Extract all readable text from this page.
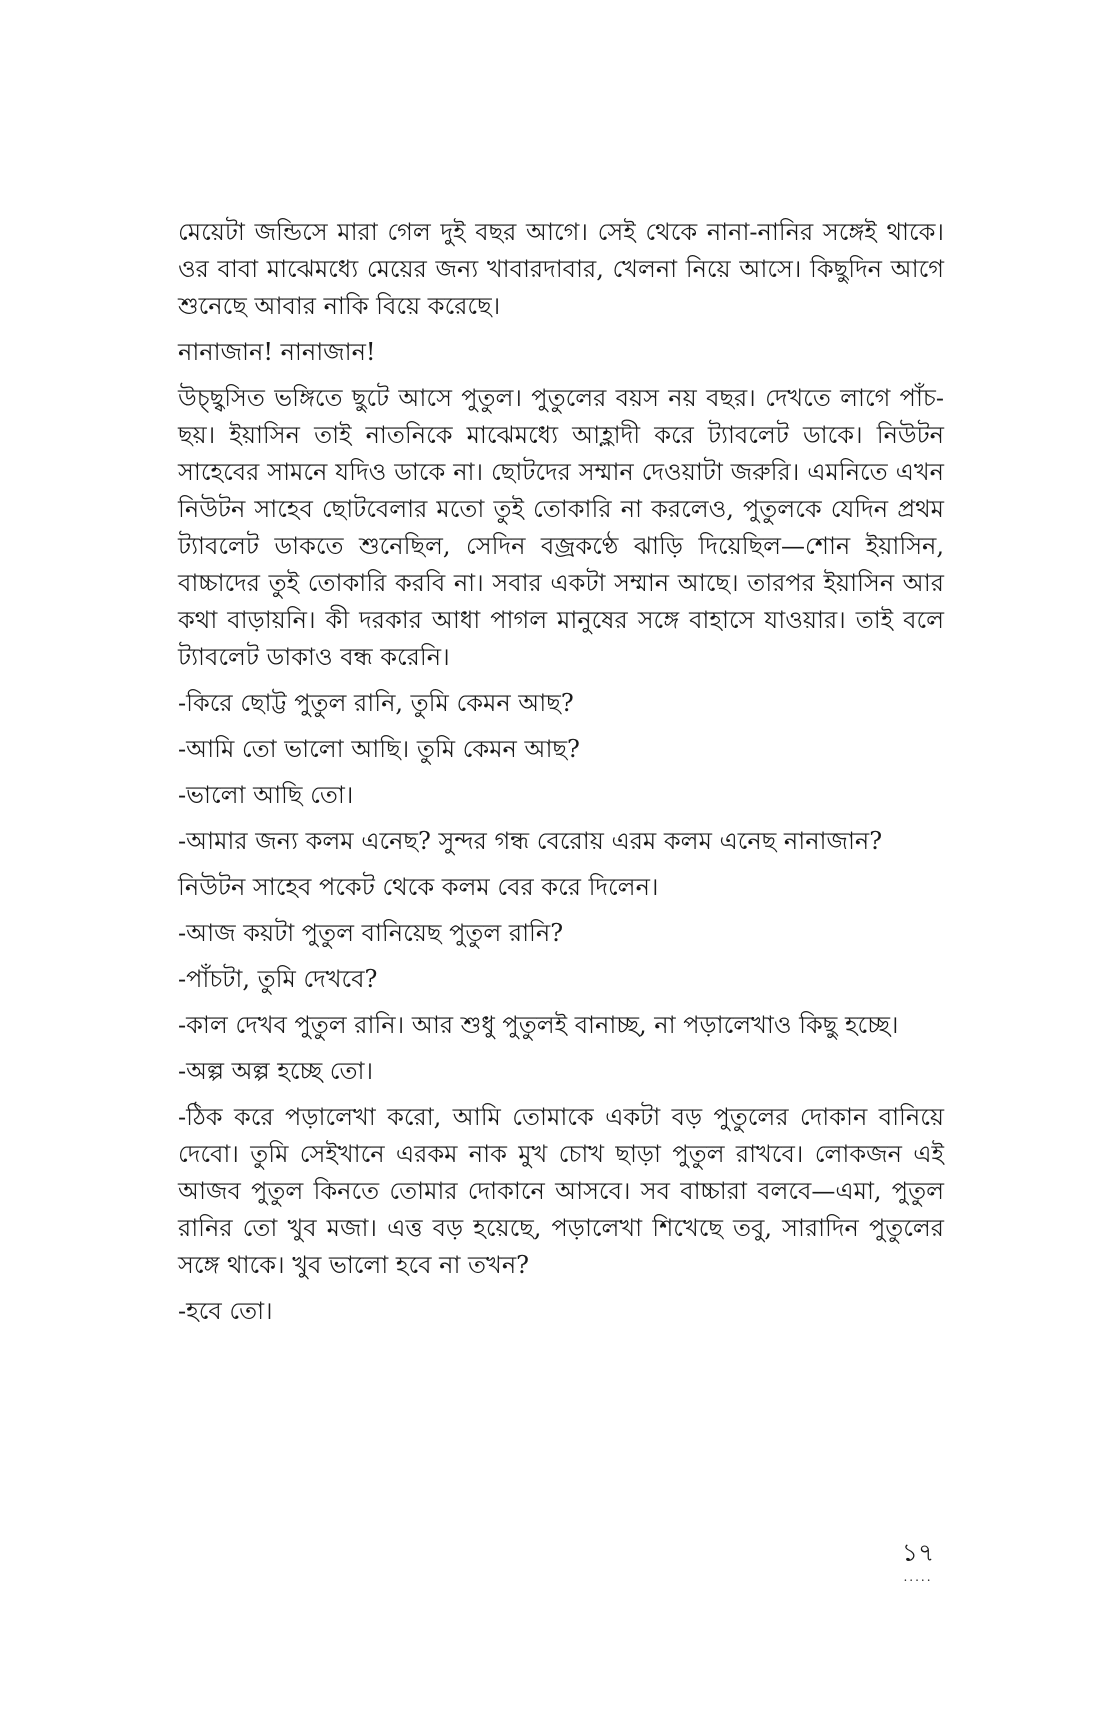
মেয়েটা জন্ডিসে মারা গেল দুই বছর আগে। সেই থেকে নানা-নানির সঙ্গেই থাকে। ওর বাবা মাঝেমধ্যে মেয়ের জন্য খাবারদাবার, খেলনা নিয়ে আসে। কিছুদিন আগে শুনেছে আবার নাকি বিয়ে করেছে।

নানাজান! নানাজান!

উচ্ছ্বসিত ভঙ্গিতে ছুটে আসে পুতুল। পুতুলের বয়স নয় বছর। দেখতে লাগে পাঁচ-ছয়। ইয়াসিন তাই নাতনিকে মাঝেমধ্যে আহ্লাদী করে ট্যাবলেট ডাকে। নিউটন সাহেবের সামনে যদিও ডাকে না। ছোটদের সম্মান দেওয়াটা জরুরি। এমনিতে এখন নিউটন সাহেব ছোটবেলার মতো তুই তোকারি না করলেও, পুতুলকে যেদিন প্রথম ট্যাবলেট ডাকতে শুনেছিল, সেদিন বজ্রকণ্ঠে ঝাড়ি দিয়েছিল—শোন ইয়াসিন, বাচ্চাদের তুই তোকারি করবি না। সবার একটা সম্মান আছে। তারপর ইয়াসিন আর কথা বাড়ায়নি। কী দরকার আধা পাগল মানুষের সঙ্গে বাহাসে যাওয়ার। তাই বলে ট্যাবলেট ডাকাও বন্ধ করেনি।

-কিরে ছোট্ট পুতুল রানি, তুমি কেমন আছ?

-আমি তো ভালো আছি। তুমি কেমন আছ?

-ভালো আছি তো।

-আমার জন্য কলম এনেছ? সুন্দর গন্ধ বেরোয় এরম কলম এনেছ নানাজান?

নিউটন সাহেব পকেট থেকে কলম বের করে দিলেন।

-আজ কয়টা পুতুল বানিয়েছ পুতুল রানি?

-পাঁচটা, তুমি দেখবে?

-কাল দেখব পুতুল রানি। আর শুধু পুতুলই বানাচ্ছ, না পড়ালেখাও কিছু হচ্ছে।

-অল্প অল্প হচ্ছে তো।

-ঠিক করে পড়ালেখা করো, আমি তোমাকে একটা বড় পুতুলের দোকান বানিয়ে দেবো। তুমি সেইখানে এরকম নাক মুখ চোখ ছাড়া পুতুল রাখবে। লোকজন এই আজব পুতুল কিনতে তোমার দোকানে আসবে। সব বাচ্চারা বলবে—এমা, পুতুল রানির তো খুব মজা। এত্ত বড় হয়েছে, পড়ালেখা শিখেছে তবু, সারাদিন পুতুলের সঙ্গে থাকে। খুব ভালো হবে না তখন?

-হবে তো।

১৭
.....
